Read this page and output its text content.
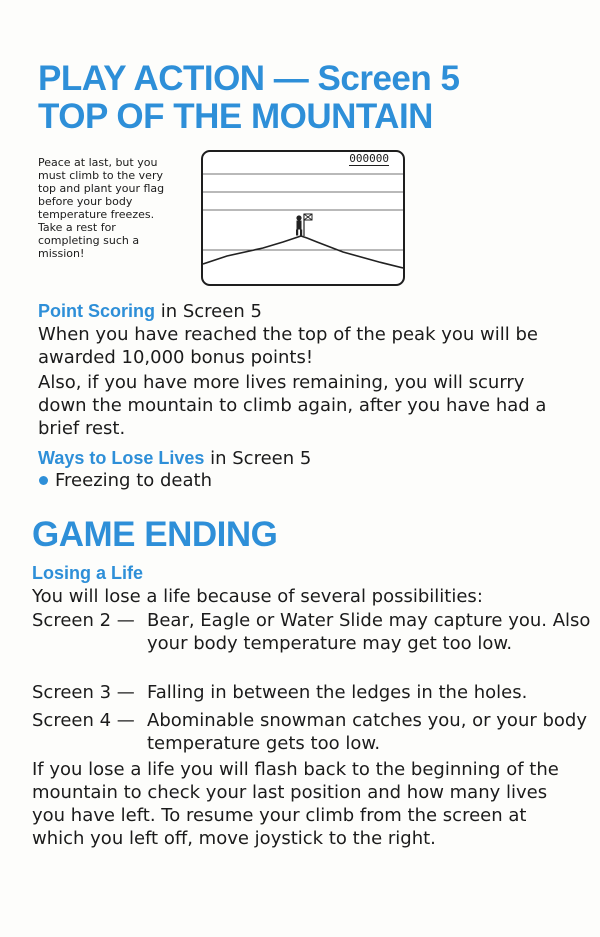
PLAY ACTION — Screen 5
TOP OF THE MOUNTAIN

Peace at last, but you must climb to the very top and plant your flag before your body temperature freezes. Take a rest for completing such a mission!

000000

Point Scoring in Screen 5

When you have reached the top of the peak you will be awarded 10,000 bonus points!

Also, if you have more lives remaining, you will scurry down the mountain to climb again, after you have had a brief rest.

Ways to Lose Lives in Screen 5

Freezing to death

GAME ENDING

Losing a Life

You will lose a life because of several possibilities:

Screen 2 — Bear, Eagle or Water Slide may capture you. Also your body temperature may get too low.
Screen 3 — Falling in between the ledges in the holes.
Screen 4 — Abominable snowman catches you, or your body temperature gets too low.

If you lose a life you will flash back to the beginning of the mountain to check your last position and how many lives you have left. To resume your climb from the screen at which you left off, move joystick to the right.
